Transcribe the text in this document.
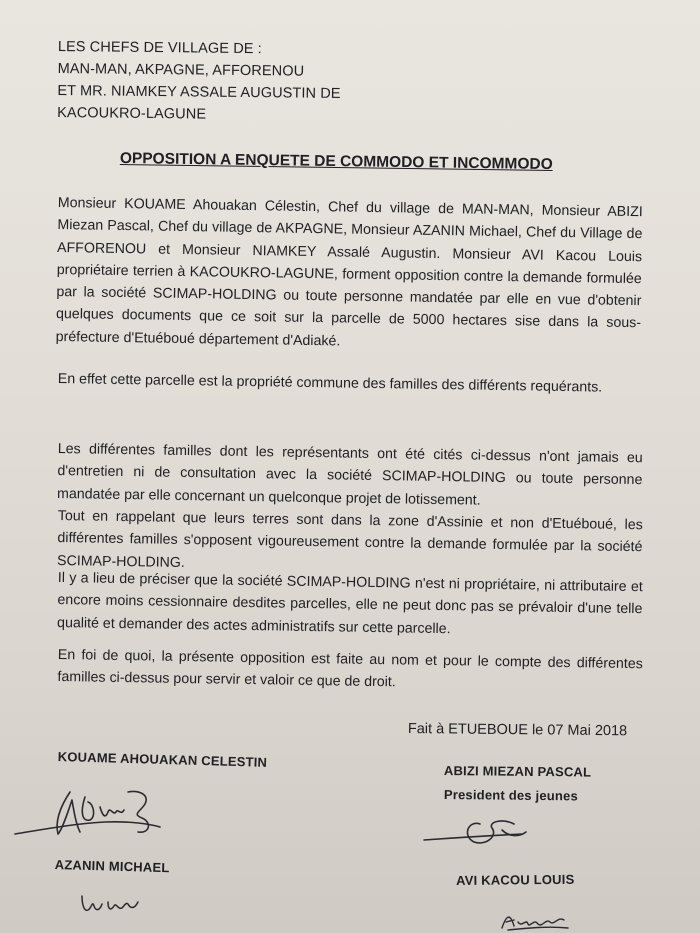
LES CHEFS DE VILLAGE DE :
MAN-MAN, AKPAGNE, AFFORENOU
ET MR. NIAMKEY ASSALE AUGUSTIN DE
KACOUKRO-LAGUNE
OPPOSITION A ENQUETE DE COMMODO ET INCOMMODO
Monsieur KOUAME Ahouakan Célestin, Chef du village de MAN-MAN, Monsieur ABIZI Miezan Pascal, Chef du village de AKPAGNE, Monsieur AZANIN Michael, Chef du Village de AFFORENOU et Monsieur NIAMKEY Assalé Augustin. Monsieur AVI Kacou Louis propriétaire terrien à KACOUKRO-LAGUNE, forment opposition contre la demande formulée par la société SCIMAP-HOLDING ou toute personne mandatée par elle en vue d'obtenir quelques documents que ce soit sur la parcelle de 5000 hectares sise dans la sous-préfecture d'Etuéboué département d'Adiaké.
En effet cette parcelle est la propriété commune des familles des différents requérants.
Les différentes familles dont les représentants ont été cités ci-dessus n'ont jamais eu d'entretien ni de consultation avec la société SCIMAP-HOLDING ou toute personne mandatée par elle concernant un quelconque projet de lotissement.
Tout en rappelant que leurs terres sont dans la zone d'Assinie et non d'Etuéboué, les différentes familles s'opposent vigoureusement contre la demande formulée par la société SCIMAP-HOLDING.
Il y a lieu de préciser que la société SCIMAP-HOLDING n'est ni propriétaire, ni attributaire et encore moins cessionnaire desdites parcelles, elle ne peut donc pas se prévaloir d'une telle qualité et demander des actes administratifs sur cette parcelle.
En foi de quoi, la présente opposition est faite au nom et pour le compte des différentes familles ci-dessus pour servir et valoir ce que de droit.
Fait à ETUEBOUE le 07 Mai 2018
KOUAME AHOUAKAN CELESTIN
ABIZI MIEZAN PASCAL
President des jeunes
AZANIN MICHAEL
AVI KACOU LOUIS
